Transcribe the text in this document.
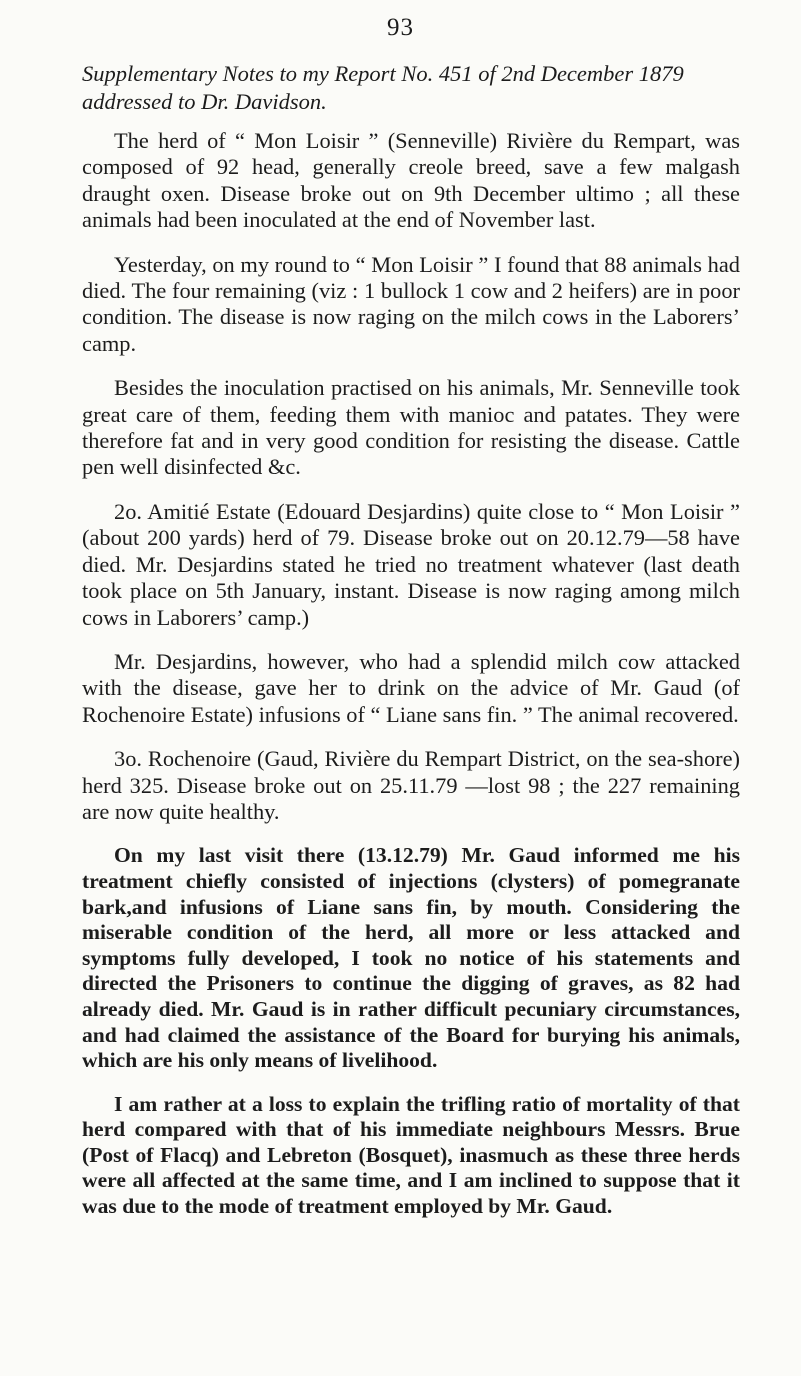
93
Supplementary Notes to my Report No. 451 of 2nd December 1879 addressed to Dr. Davidson.

The herd of “ Mon Loisir ” (Senneville) Rivière du Rempart, was composed of 92 head, generally creole breed, save a few malgash draught oxen. Disease broke out on 9th December ultimo ; all these animals had been inoculated at the end of November last.

Yesterday, on my round to “ Mon Loisir ” I found that 88 animals had died. The four remaining (viz : 1 bullock 1 cow and 2 heifers) are in poor condition. The disease is now raging on the milch cows in the Laborers’ camp.

Besides the inoculation practised on his animals, Mr. Senneville took great care of them, feeding them with manioc and patates. They were therefore fat and in very good condition for resisting the disease. Cattle pen well disinfected &c.

2o. Amitié Estate (Edouard Desjardins) quite close to “ Mon Loisir ” (about 200 yards) herd of 79. Disease broke out on 20.12.79—58 have died. Mr. Desjardins stated he tried no treatment whatever (last death took place on 5th January, instant. Disease is now raging among milch cows in Laborers’ camp.)

Mr. Desjardins, however, who had a splendid milch cow attacked with the disease, gave her to drink on the advice of Mr. Gaud (of Rochenoire Estate) infusions of “ Liane sans fin. ” The animal recovered.

3o. Rochenoire (Gaud, Rivière du Rempart District, on the sea-shore) herd 325. Disease broke out on 25.11.79 —lost 98 ; the 227 remaining are now quite healthy.

On my last visit there (13.12.79) Mr. Gaud informed me his treatment chiefly consisted of injections (clysters) of pomegranate bark,and infusions of Liane sans fin, by mouth. Considering the miserable condition of the herd, all more or less attacked and symptoms fully developed, I took no notice of his statements and directed the Prisoners to continue the digging of graves, as 82 had already died. Mr. Gaud is in rather difficult pecuniary circumstances, and had claimed the assistance of the Board for burying his animals, which are his only means of livelihood.

I am rather at a loss to explain the trifling ratio of mortality of that herd compared with that of his immediate neighbours Messrs. Brue (Post of Flacq) and Lebreton (Bosquet), inasmuch as these three herds were all affected at the same time, and I am inclined to suppose that it was due to the mode of treatment employed by Mr. Gaud.
